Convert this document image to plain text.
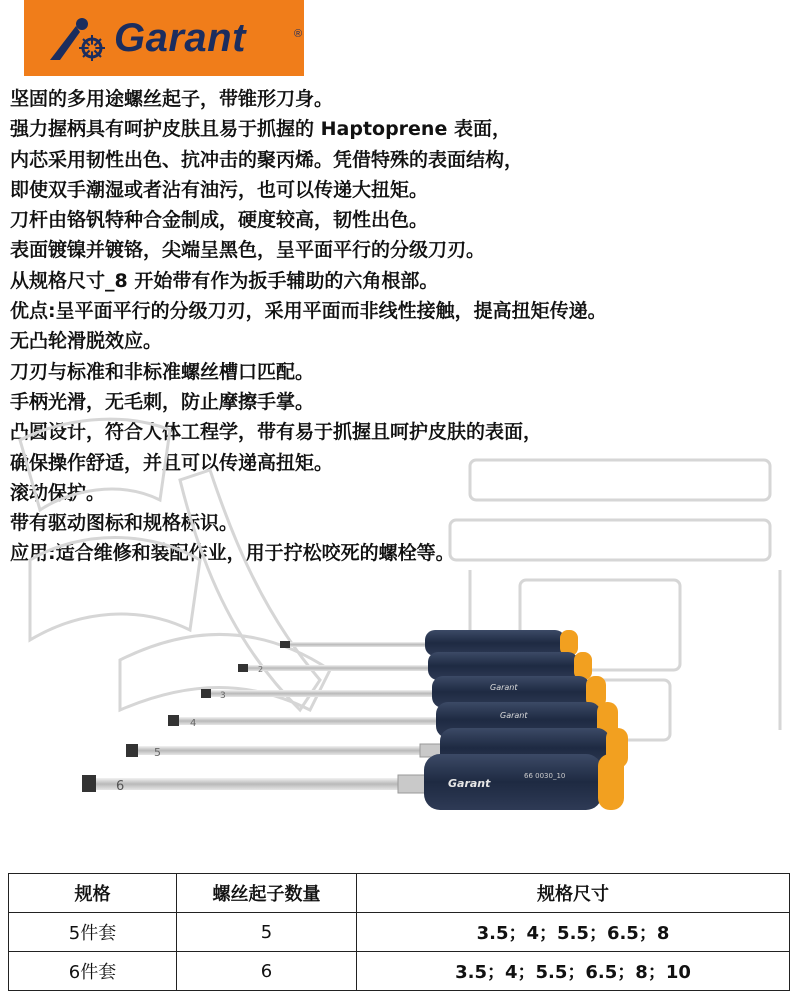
Garant	®
坚固的多用途螺丝起子，带锥形刀身。
强力握柄具有呵护皮肤且易于抓握的 Haptoprene 表面，
内芯采用韧性出色、抗冲击的聚丙烯。凭借特殊的表面结构，
即使双手潮湿或者沾有油污，也可以传递大扭矩。
刀杆由铬钒特种合金制成，硬度较高，韧性出色。
表面镀镍并镀铬，尖端呈黑色，呈平面平行的分级刀刃。
从规格尺寸_8 开始带有作为扳手辅助的六角根部。
优点:呈平面平行的分级刀刃，采用平面而非线性接触，提高扭矩传递。
无凸轮滑脱效应。
刀刃与标准和非标准螺丝槽口匹配。
手柄光滑，无毛刺，防止摩擦手掌。
凸圆设计，符合人体工程学，带有易于抓握且呵护皮肤的表面，
确保操作舒适，并且可以传递高扭矩。
滚动保护。
带有驱动图标和规格标识。
应用:适合维修和装配作业，用于拧松咬死的螺栓等。
2
3
Garant
4
Garant
5
6	Garant
66 0030_10
规格	螺丝起子数量	规格尺寸
5件套	5	3.5；4；5.5；6.5；8
6件套	6	3.5；4；5.5；6.5；8；10
